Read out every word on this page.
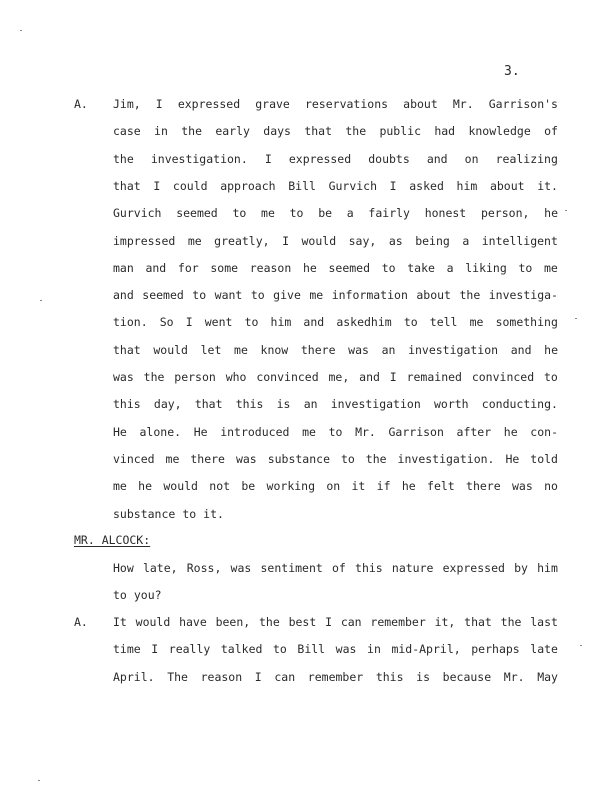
3.
A. Jim, I expressed grave reservations about Mr. Garrison's
case in the early days that the public had knowledge of
the investigation. I expressed doubts and on realizing
that I could approach Bill Gurvich I asked him about it.
Gurvich seemed to me to be a fairly honest person, he
impressed me greatly, I would say, as being a intelligent
man and for some reason he seemed to take a liking to me
and seemed to want to give me information about the investiga-
tion. So I went to him and askedhim to tell me something
that would let me know there was an investigation and he
was the person who convinced me, and I remained convinced to
this day, that this is an investigation worth conducting.
He alone. He introduced me to Mr. Garrison after he con-
vinced me there was substance to the investigation. He told
me he would not be working on it if he felt there was no
substance to it.
MR. ALCOCK:
How late, Ross, was sentiment of this nature expressed by him
to you?
A. It would have been, the best I can remember it, that the last
time I really talked to Bill was in mid-April, perhaps late
April. The reason I can remember this is because Mr. May
